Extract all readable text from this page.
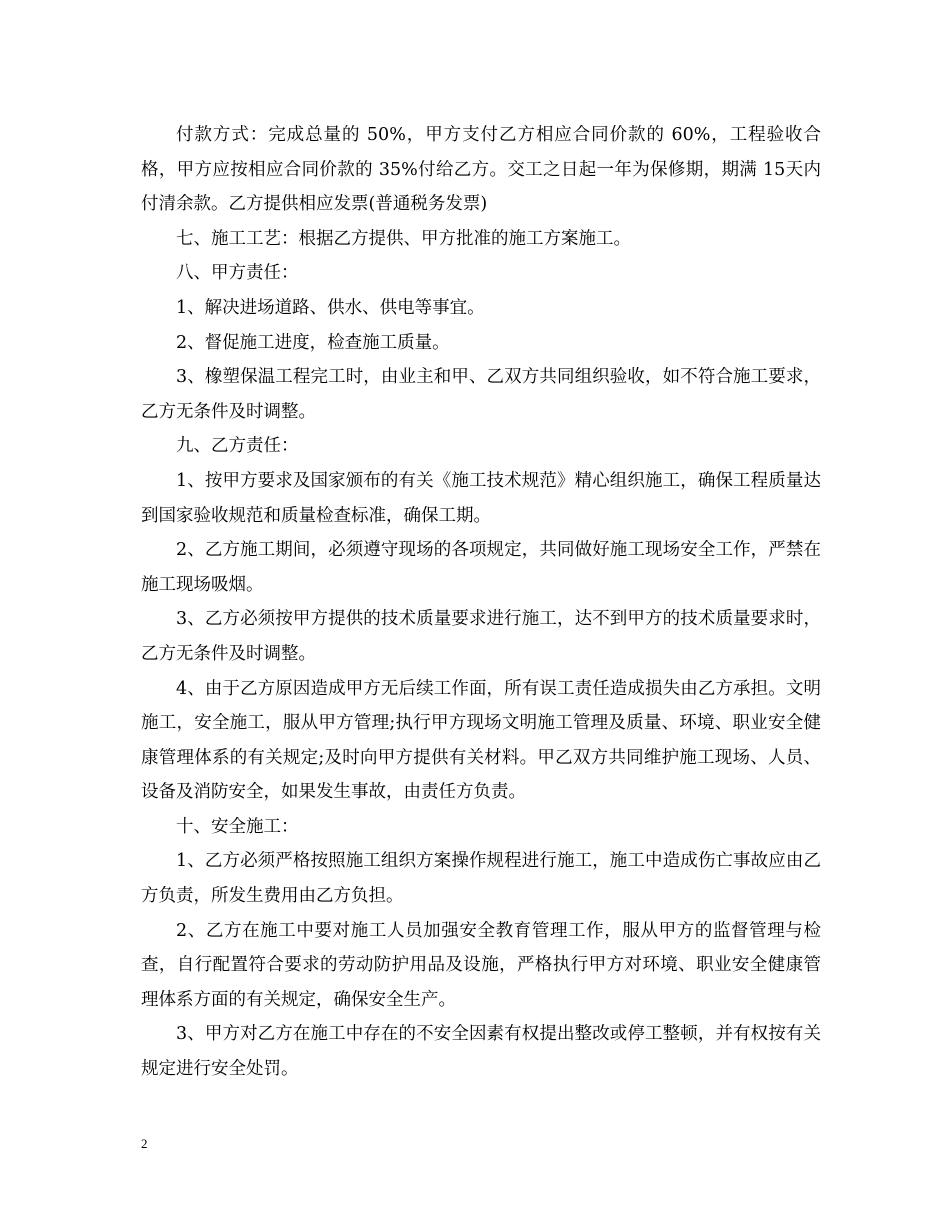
付款方式：完成总量的 50%，甲方支付乙方相应合同价款的 60%，工程验收合格，甲方应按相应合同价款的 35%付给乙方。交工之日起一年为保修期，期满 15天内付清余款。乙方提供相应发票(普通税务发票)

七、施工工艺：根据乙方提供、甲方批准的施工方案施工。

八、甲方责任：

1、解决进场道路、供水、供电等事宜。

2、督促施工进度，检查施工质量。

3、橡塑保温工程完工时，由业主和甲、乙双方共同组织验收，如不符合施工要求，乙方无条件及时调整。

九、乙方责任：

1、按甲方要求及国家颁布的有关《施工技术规范》精心组织施工，确保工程质量达到国家验收规范和质量检查标准，确保工期。

2、乙方施工期间，必须遵守现场的各项规定，共同做好施工现场安全工作，严禁在施工现场吸烟。

3、乙方必须按甲方提供的技术质量要求进行施工，达不到甲方的技术质量要求时，乙方无条件及时调整。

4、由于乙方原因造成甲方无后续工作面，所有误工责任造成损失由乙方承担。文明施工，安全施工，服从甲方管理;执行甲方现场文明施工管理及质量、环境、职业安全健康管理体系的有关规定;及时向甲方提供有关材料。甲乙双方共同维护施工现场、人员、设备及消防安全，如果发生事故，由责任方负责。

十、安全施工：

1、乙方必须严格按照施工组织方案操作规程进行施工，施工中造成伤亡事故应由乙方负责，所发生费用由乙方负担。

2、乙方在施工中要对施工人员加强安全教育管理工作，服从甲方的监督管理与检查，自行配置符合要求的劳动防护用品及设施，严格执行甲方对环境、职业安全健康管理体系方面的有关规定，确保安全生产。

3、甲方对乙方在施工中存在的不安全因素有权提出整改或停工整顿，并有权按有关规定进行安全处罚。

2
